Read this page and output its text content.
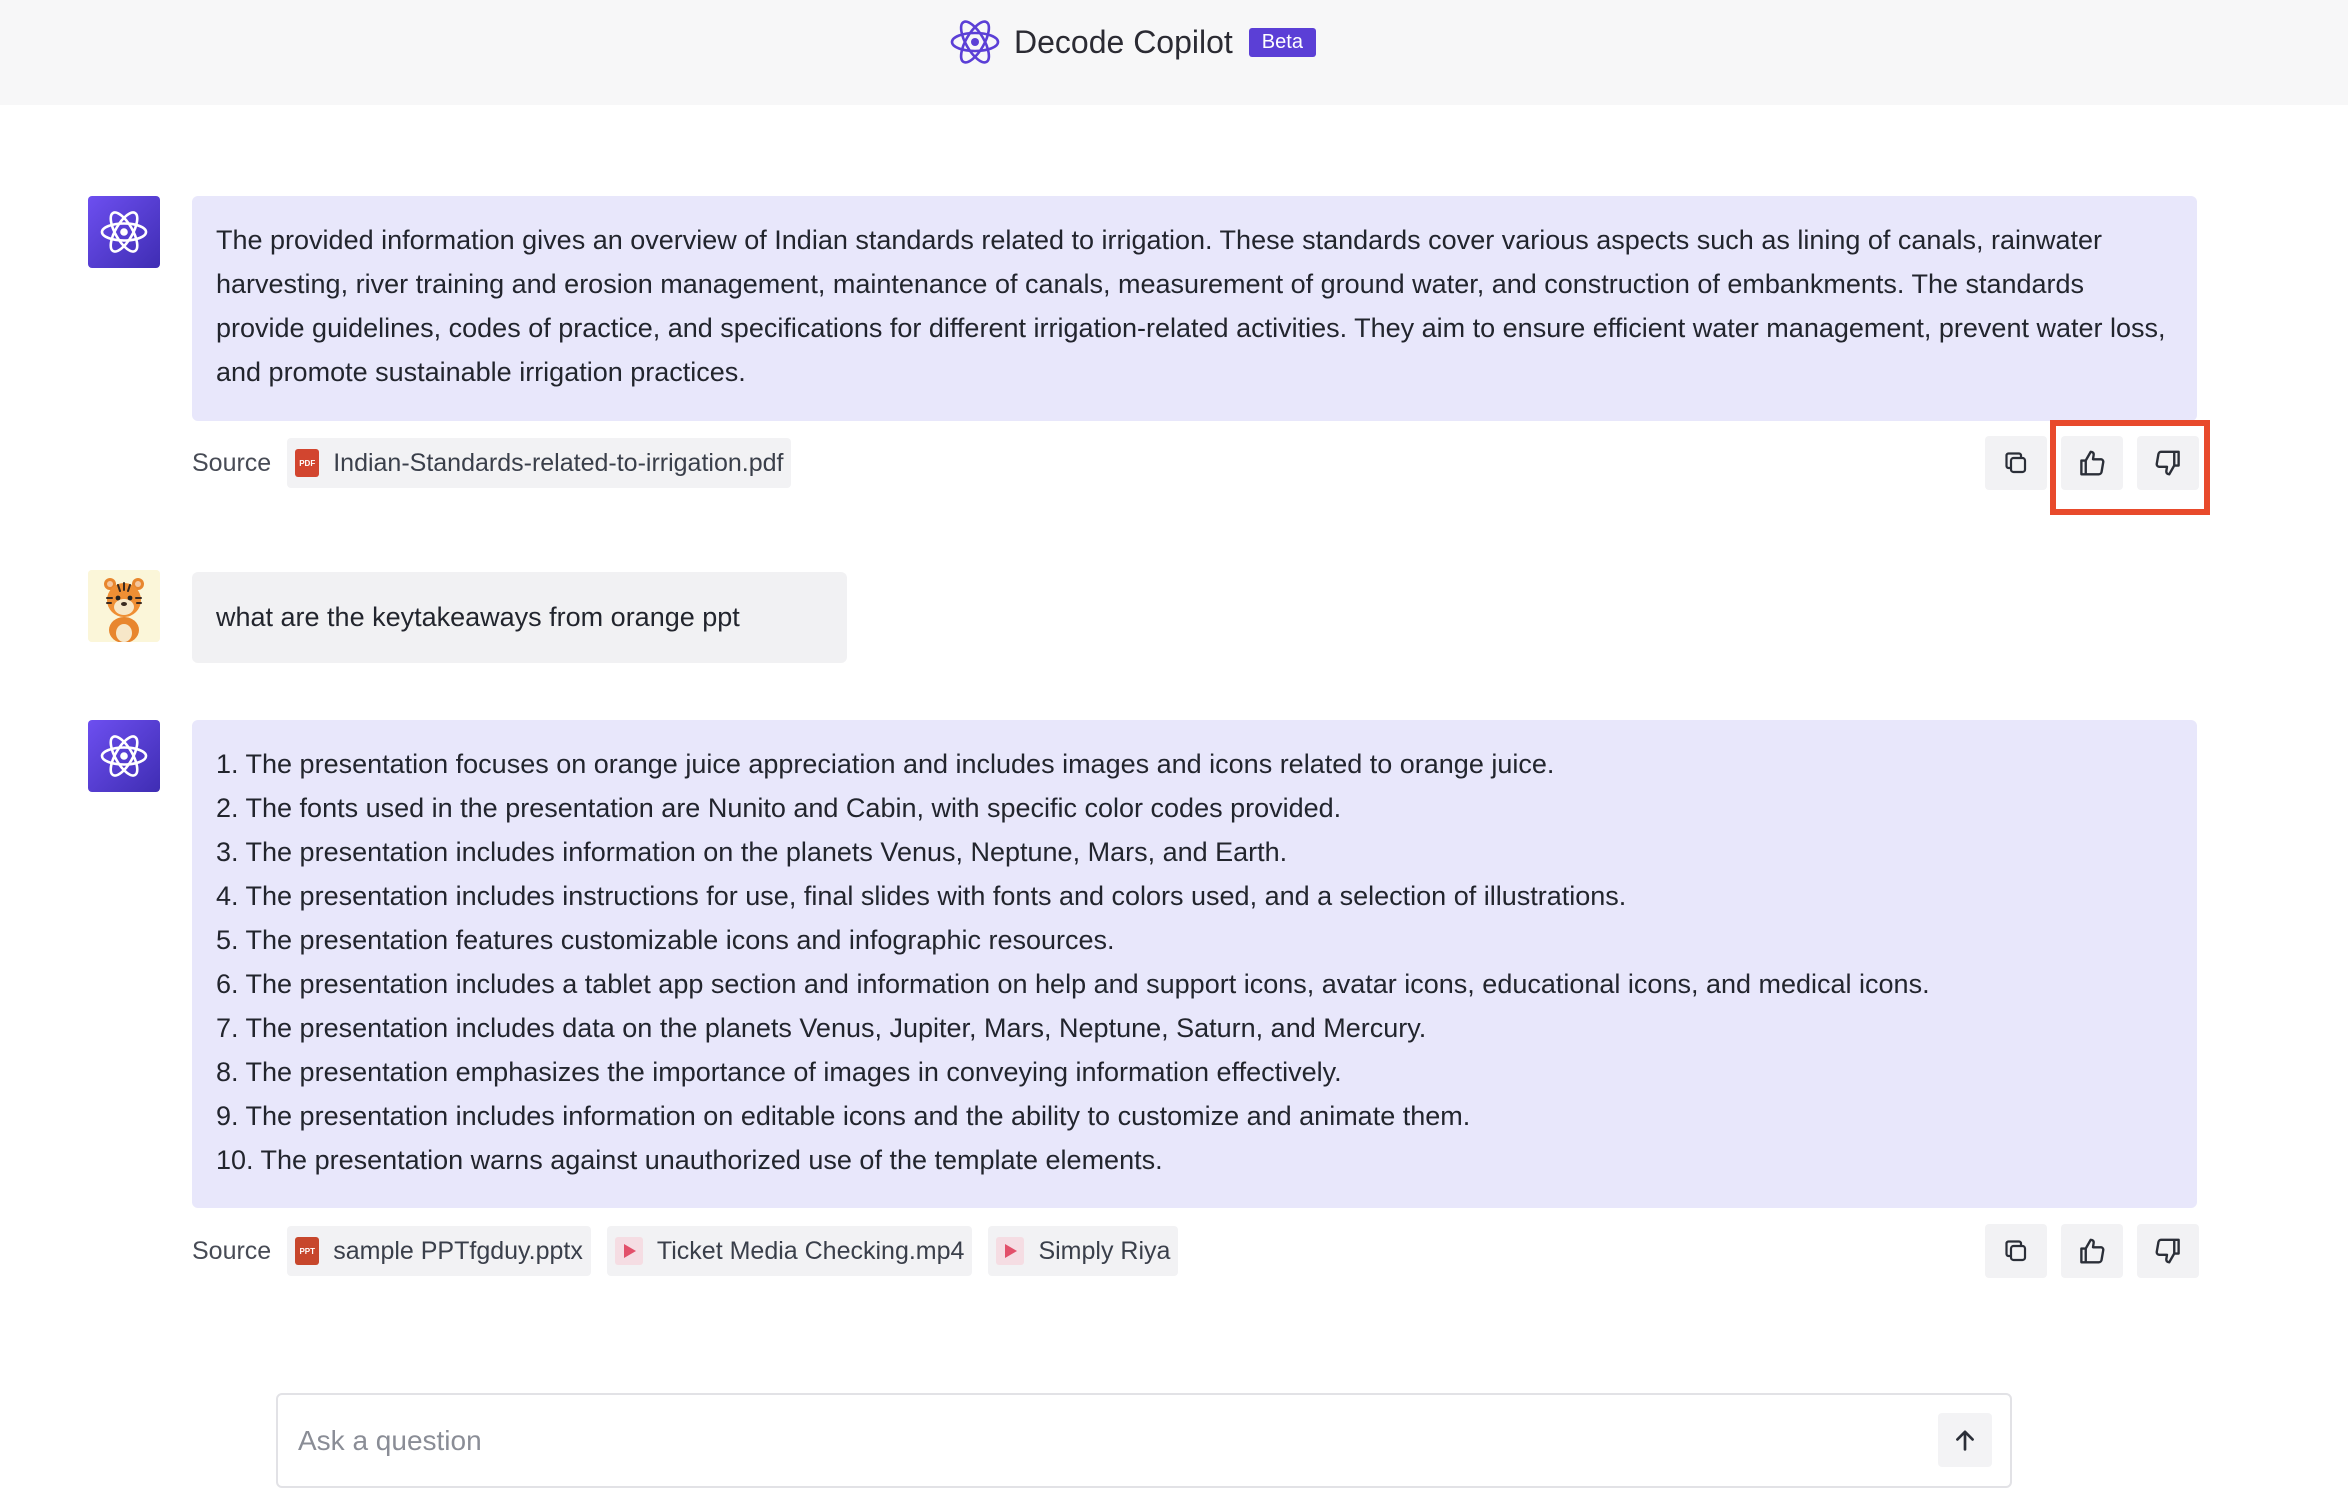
Decode Copilot	Beta
The provided information gives an overview of Indian standards related to irrigation. These standards cover various aspects such as lining of canals, rainwater harvesting, river training and erosion management, maintenance of canals, measurement of ground water, and construction of embankments. The standards provide guidelines, codes of practice, and specifications for different irrigation-related activities. They aim to ensure efficient water management, prevent water loss, and promote sustainable irrigation practices.
Source	PDF Indian-Standards-related-to-irrigation.pdf
what are the keytakeaways from orange ppt

1. The presentation focuses on orange juice appreciation and includes images and icons related to orange juice.

2. The fonts used in the presentation are Nunito and Cabin, with specific color codes provided.

3. The presentation includes information on the planets Venus, Neptune, Mars, and Earth.

4. The presentation includes instructions for use, final slides with fonts and colors used, and a selection of illustrations.

5. The presentation features customizable icons and infographic resources.

6. The presentation includes a tablet app section and information on help and support icons, avatar icons, educational icons, and medical icons.

7. The presentation includes data on the planets Venus, Jupiter, Mars, Neptune, Saturn, and Mercury.

8. The presentation emphasizes the importance of images in conveying information effectively.

9. The presentation includes information on editable icons and the ability to customize and animate them.

10. The presentation warns against unauthorized use of the template elements.

Source	PPT sample PPTfgduy.pptx	Ticket Media Checking.mp4	Simply Riya
Ask a question
